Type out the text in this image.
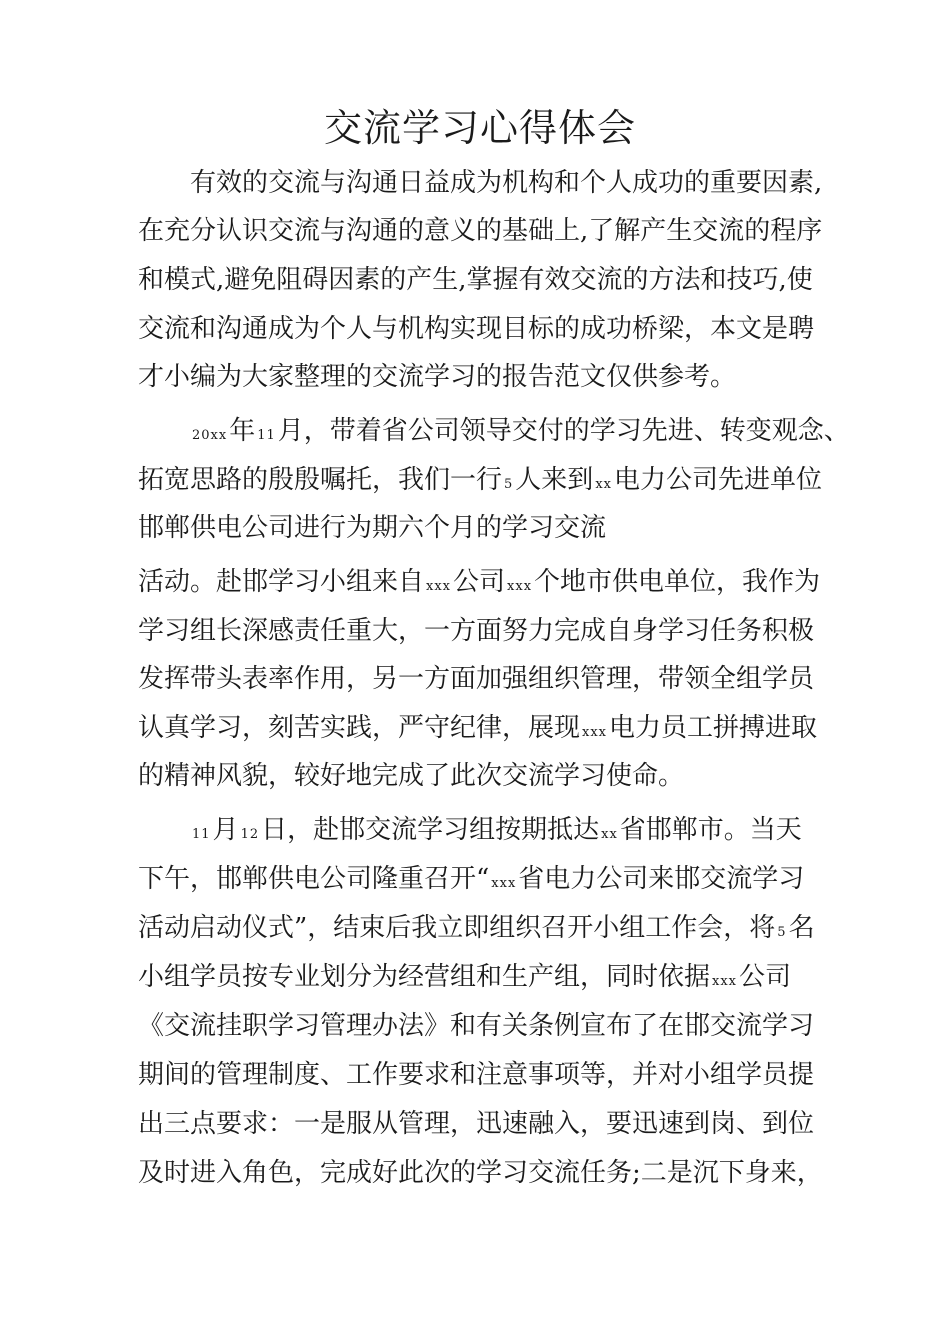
交流学习心得体会
有效的交流与沟通日益成为机构和个人成功的重要因素,
在充分认识交流与沟通的意义的基础上,了解产生交流的程序
和模式,避免阻碍因素的产生,掌握有效交流的方法和技巧,使
交流和沟通成为个人与机构实现目标的成功桥梁，本文是聘
才小编为大家整理的交流学习的报告范文仅供参考。
20xx年 11月，带着省公司领导交付的学习先进、转变观念、
拓宽思路的殷殷嘱托，我们一行 5人来到 xx电力公司先进单位
邯郸供电公司进行为期六个月的学习交流
活动。赴邯学习小组来自 xxx公司 xxx个地市供电单位，我作为
学习组长深感责任重大，一方面努力完成自身学习任务积极
发挥带头表率作用，另一方面加强组织管理，带领全组学员
认真学习，刻苦实践，严守纪律，展现 xxx电力员工拼搏进取
的精神风貌，较好地完成了此次交流学习使命。
11月 12日，赴邯交流学习组按期抵达 xx省邯郸市。当天
下午，邯郸供电公司隆重召开“ xxx省电力公司来邯交流学习
活动启动仪式”，结束后我立即组织召开小组工作会，将 5名
小组学员按专业划分为经营组和生产组，同时依据 xxx公司
《交流挂职学习管理办法》和有关条例宣布了在邯交流学习
期间的管理制度、工作要求和注意事项等，并对小组学员提
出三点要求：一是服从管理，迅速融入，要迅速到岗、到位
及时进入角色，完成好此次的学习交流任务;二是沉下身来，
